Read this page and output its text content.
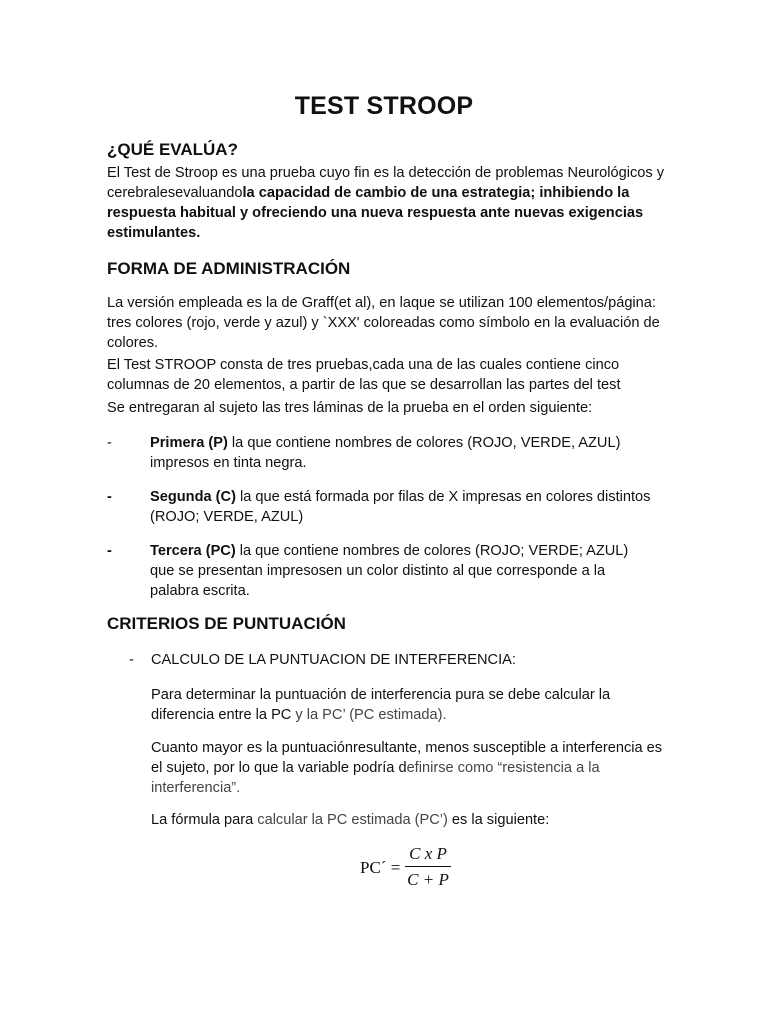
TEST STROOP
¿QUÉ EVALÚA?

El Test de Stroop es una prueba cuyo fin es la detección de problemas Neurológicos y cerebralesevaluandola capacidad de cambio de una estrategia; inhibiendo la respuesta habitual y ofreciendo una nueva respuesta ante nuevas exigencias estimulantes.

FORMA DE ADMINISTRACIÓN

La versión empleada es la de Graff(et al), en laque se utilizan 100 elementos/página: tres colores (rojo, verde y azul) y `XXX' coloreadas como símbolo en la evaluación de colores.

El Test STROOP consta de tres pruebas,cada una de las cuales contiene cinco columnas de 20 elementos, a partir de las que se desarrollan las partes del test

Se entregaran al sujeto las tres láminas de la prueba en el orden siguiente:

-	Primera (P) la que contiene nombres de colores (ROJO, VERDE, AZUL) impresos en tinta negra.

-	Segunda (C) la que está formada por filas de X impresas en colores distintos (ROJO; VERDE, AZUL)

-	Tercera (PC) la que contiene nombres de colores (ROJO; VERDE; AZUL) que se presentan impresosen un color distinto al que corresponde a la palabra escrita.

CRITERIOS DE PUNTUACIÓN
- CALCULO DE LA PUNTUACION DE INTERFERENCIA:

Para determinar la puntuación de interferencia pura se debe calcular la diferencia entre la PC y la PC’ (PC estimada).

Cuanto mayor es la puntuaciónresultante, menos susceptible a interferencia es el sujeto, por lo que la variable podría definirse como “resistencia a la interferencia”.

La fórmula para calcular la PC estimada (PC’) es la siguiente:

PC´ =
C x P
C + P
